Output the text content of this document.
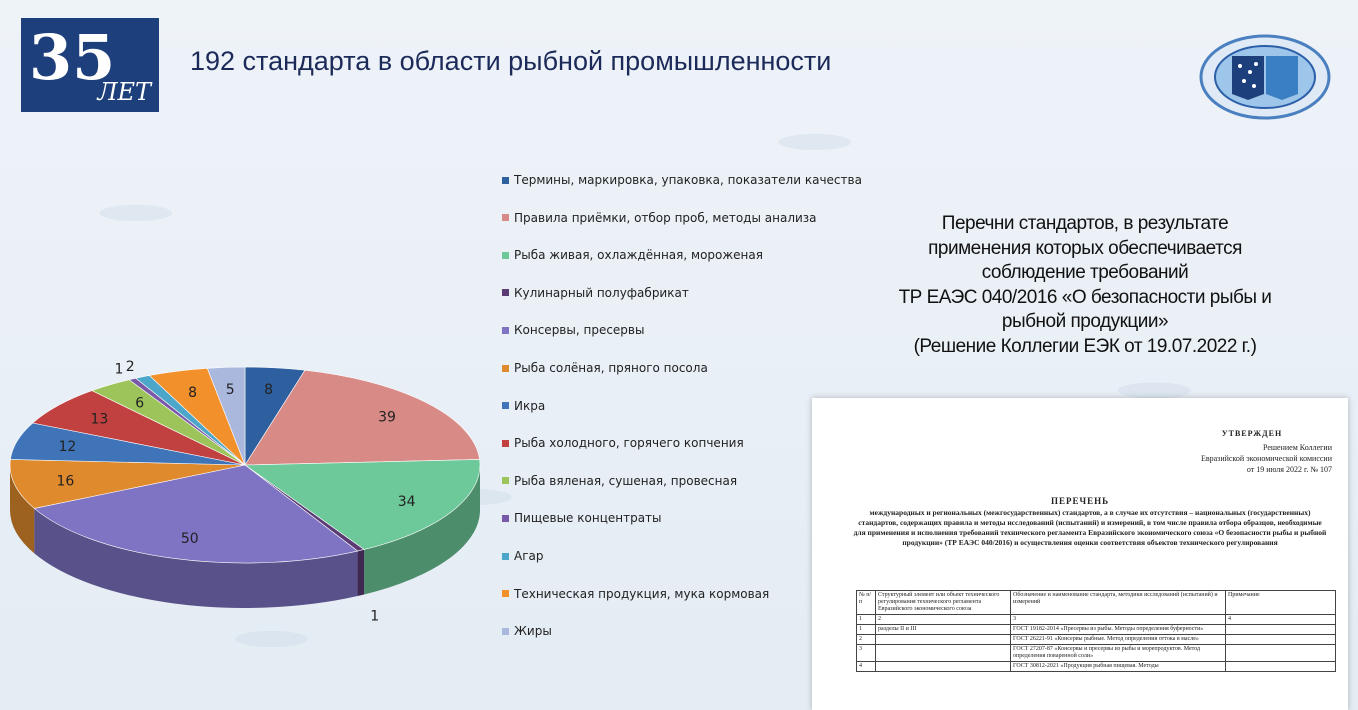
35
ЛЕТ
192 стандарта в области рыбной промышленности
8
39
34
1
50
16
12
13
6
1 2
8 5
Термины, маркировка, упаковка, показатели качества
Правила приёмки, отбор проб, методы анализа
Рыба живая, охлаждённая, мороженая
Кулинарный полуфабрикат
Консервы, пресервы
Рыба солёная, пряного посола
Икра
Рыба холодного, горячего копчения
Рыба вяленая, сушеная, провесная
Пищевые концентраты
Агар
Техническая продукция, мука кормовая
Жиры
Перечни стандартов, в результате
применения которых обеспечивается
соблюдение требований
ТР ЕАЭС 040/2016 «О безопасности рыбы и
рыбной продукции»
(Решение Коллегии ЕЭК от 19.07.2022 г.)
УТВЕРЖДЕН
Решением Коллегии
Евразийской экономической комиссии
от 19 июля 2022 г. № 107
ПЕРЕЧЕНЬ
международных и региональных (межгосударственных) стандартов, а в случае их отсутствия – национальных (государственных) стандартов, содержащих правила и методы исследований (испытаний) и измерений, в том числе правила отбора образцов, необходимые для применения и исполнения требований технического регламента Евразийского экономического союза «О безопасности рыбы и рыбной продукции» (ТР ЕАЭС 040/2016) и осуществления оценки соответствия объектов технического регулирования
№ п/п	Структурный элемент или объект технического регулирования технического регламента Евразийского экономического союза	Обозначение и наименование стандарта, методики исследований (испытаний) и измерений	Примечание
1	2	3	4
1	разделы II и III	ГОСТ 19182-2014 «Пресервы из рыбы. Методы определения буферности»	
2		ГОСТ 26221-91 «Консервы рыбные. Метод определения оттока в масле»	
3		ГОСТ 27207-87 «Консервы и пресервы из рыбы и морепродуктов. Метод определения поваренной соли»	
4		ГОСТ 30812-2021 «Продукция рыбная пищевая. Методы	
